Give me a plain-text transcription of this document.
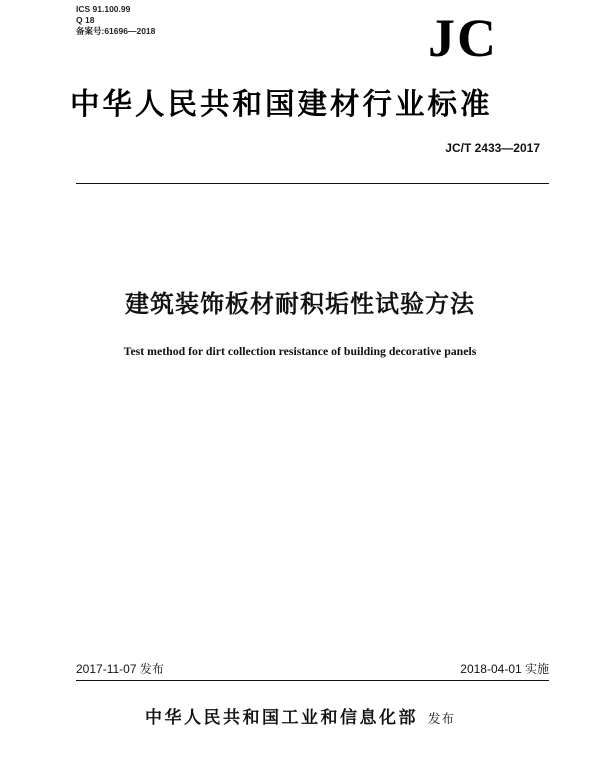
ICS 91.100.99
Q 18
备案号:61696—2018	JC
中华人民共和国建材行业标准
JC/T 2433—2017
建筑装饰板材耐积垢性试验方法
Test method for dirt collection resistance of building decorative panels
2017-11-07 发布	2018-04-01 实施
中华人民共和国工业和信息化部 发布
